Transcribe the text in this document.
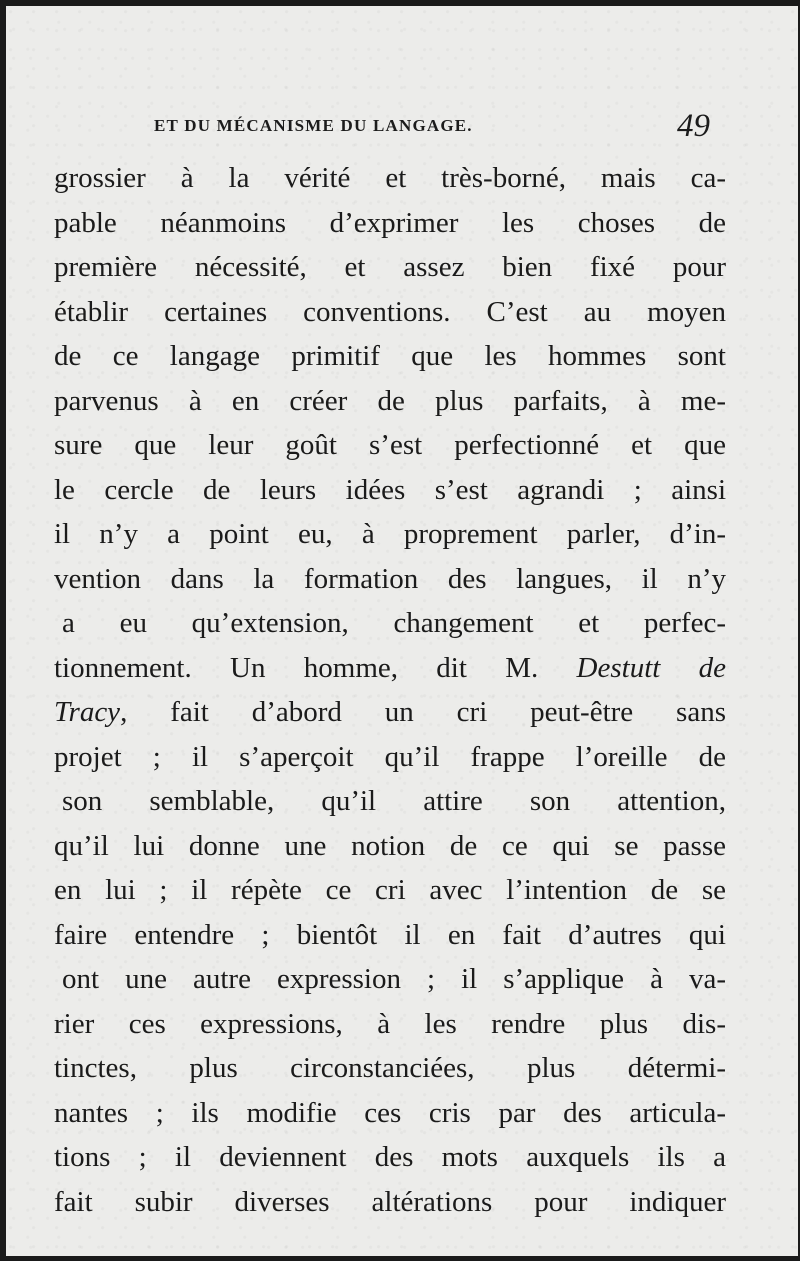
ET DU MÉCANISME DU LANGAGE.	49
grossier à la vérité et très-borné, mais ca-
pable néanmoins d’exprimer les choses de
première nécessité, et assez bien fixé pour
établir certaines conventions. C’est au moyen
de ce langage primitif que les hommes sont
parvenus à en créer de plus parfaits, à me-
sure que leur goût s’est perfectionné et que
le cercle de leurs idées s’est agrandi ; ainsi
il n’y a point eu, à proprement parler, d’in-
vention dans la formation des langues, il n’y
a eu qu’extension, changement et perfec-
tionnement. Un homme, dit M. Destutt de
Tracy, fait d’abord un cri peut-être sans
projet ; il s’aperçoit qu’il frappe l’oreille de
son semblable, qu’il attire son attention,
qu’il lui donne une notion de ce qui se passe
en lui ; il répète ce cri avec l’intention de se
faire entendre ; bientôt il en fait d’autres qui
ont une autre expression ; il s’applique à va-
rier ces expressions, à les rendre plus dis-
tinctes, plus circonstanciées, plus détermi-
nantes ; ils modifie ces cris par des articula-
tions ; il deviennent des mots auxquels ils a
fait subir diverses altérations pour indiquer
